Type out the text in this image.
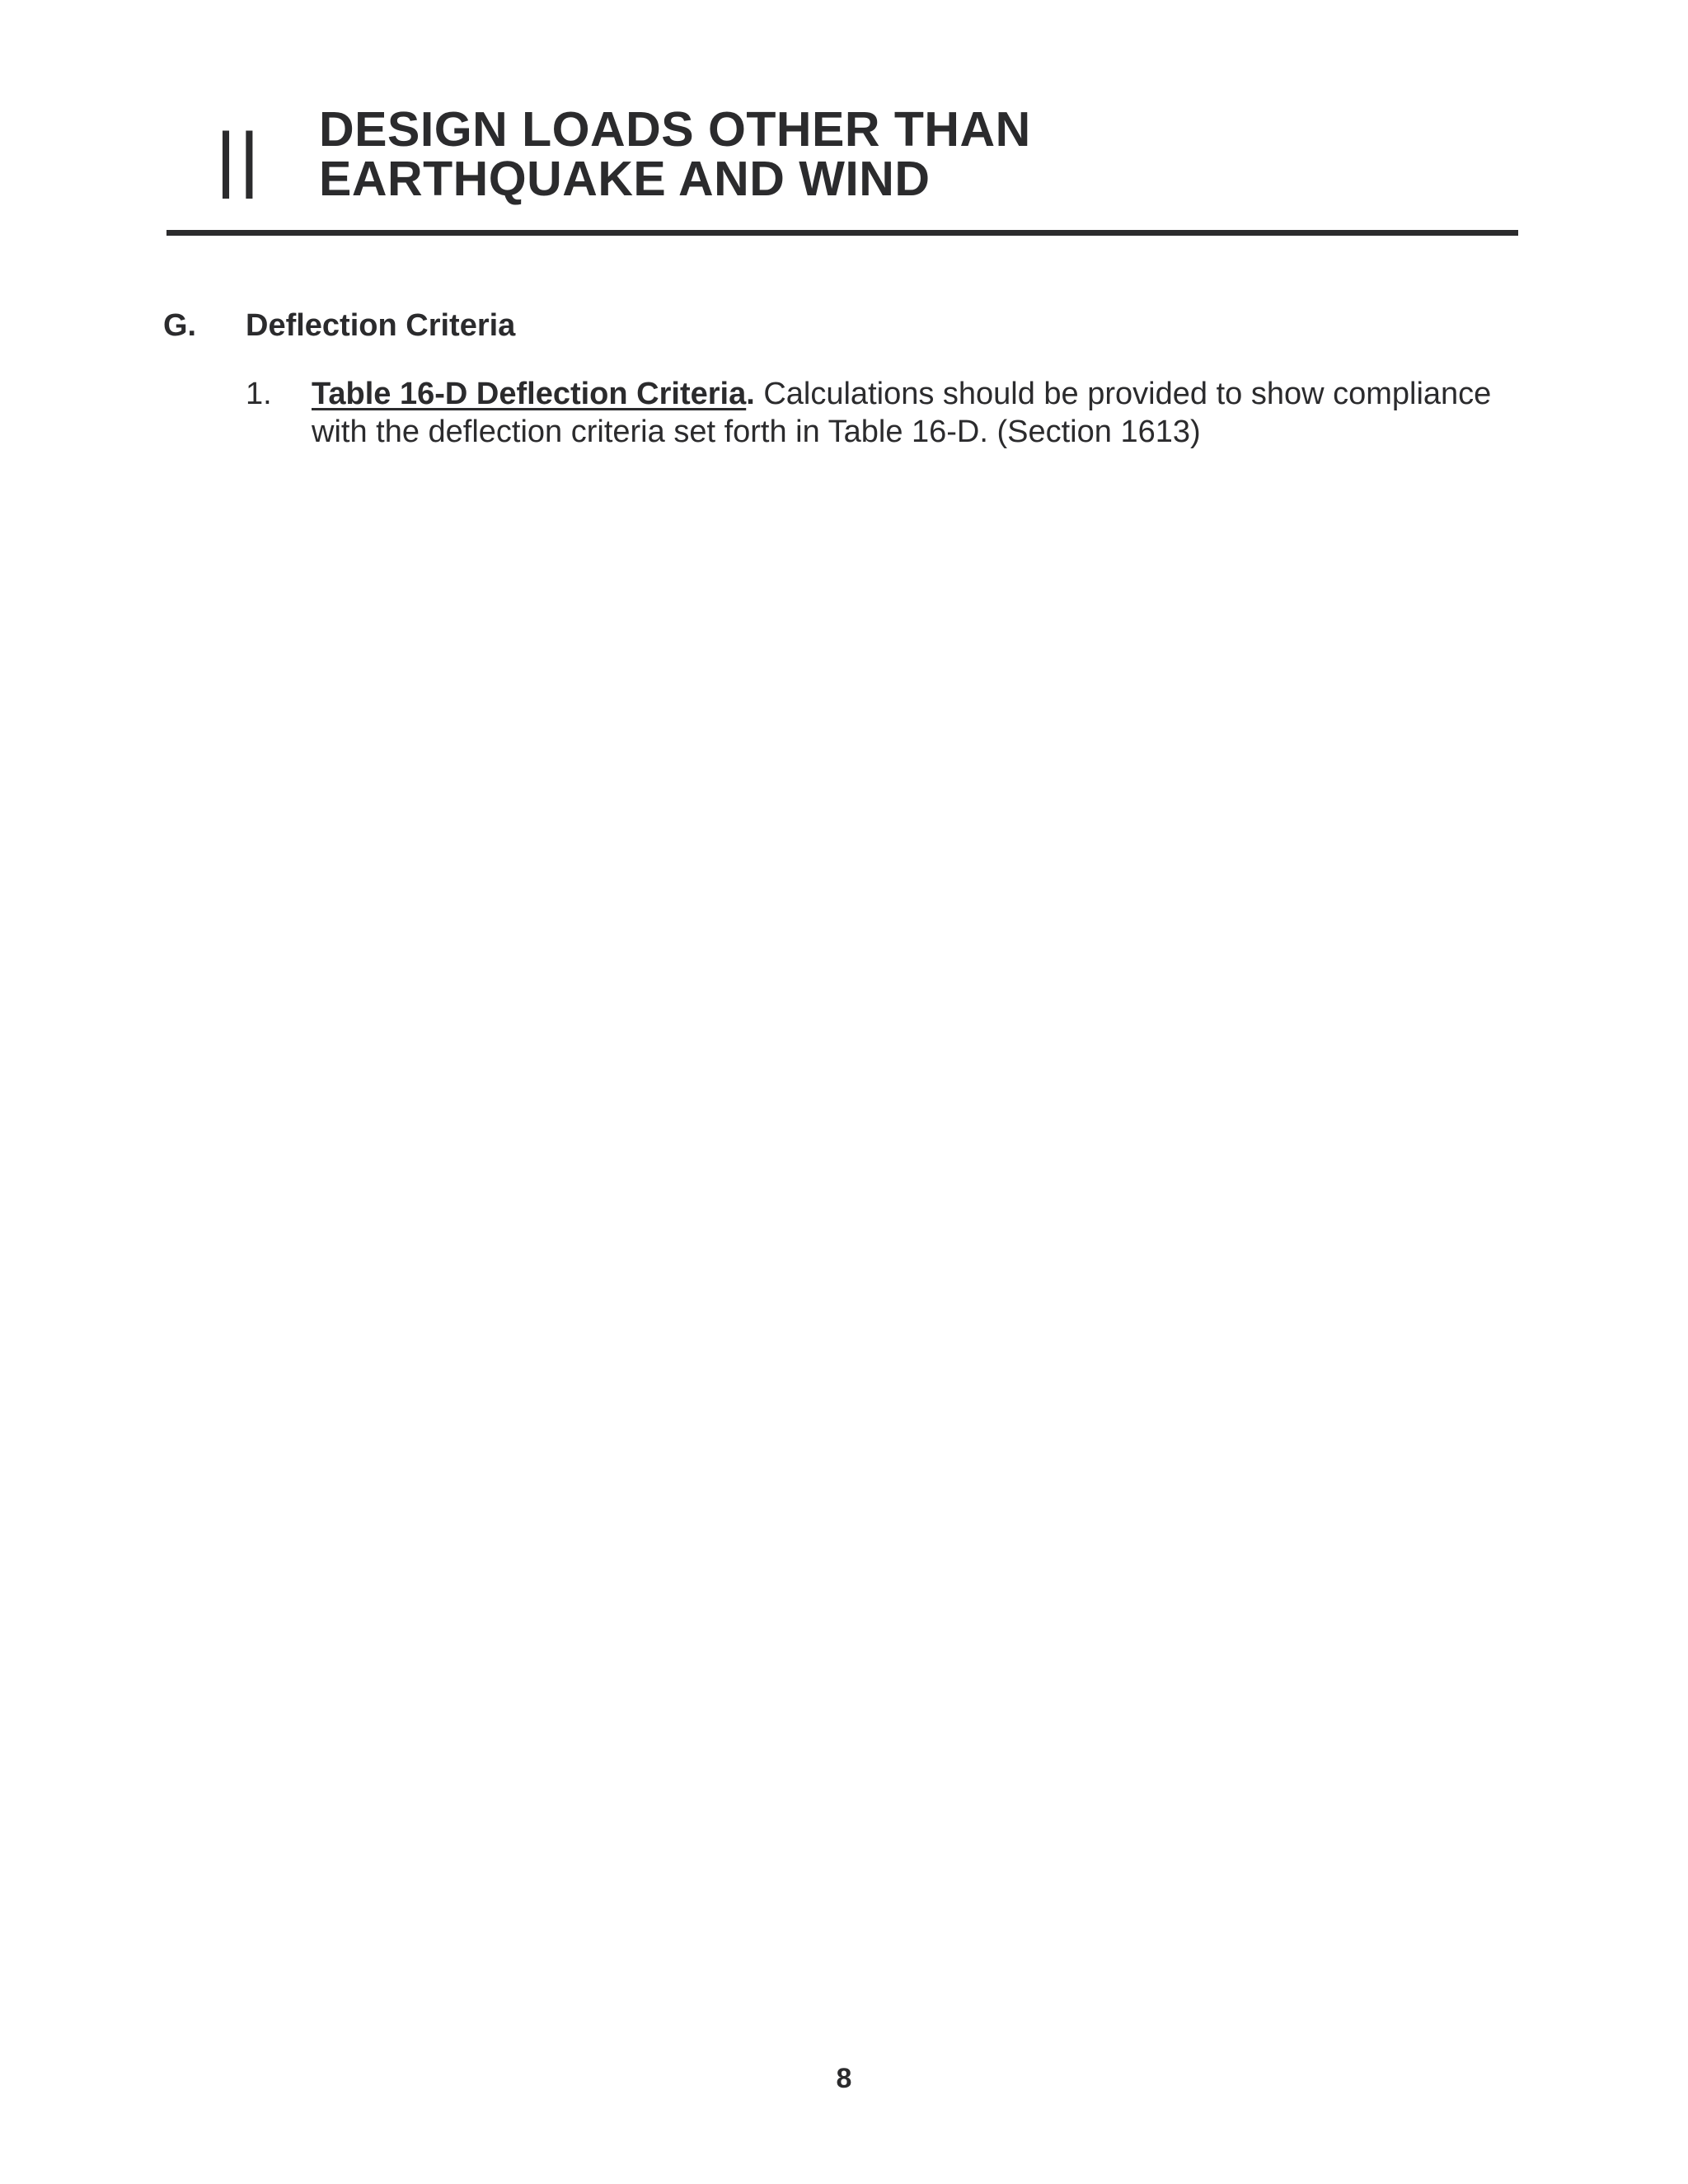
II DESIGN LOADS OTHER THAN
EARTHQUAKE AND WIND
G. Deflection Criteria
1. Table 16-D Deflection Criteria. Calculations should be provided to show compliance with the deflection criteria set forth in Table 16-D. (Section 1613)

8
